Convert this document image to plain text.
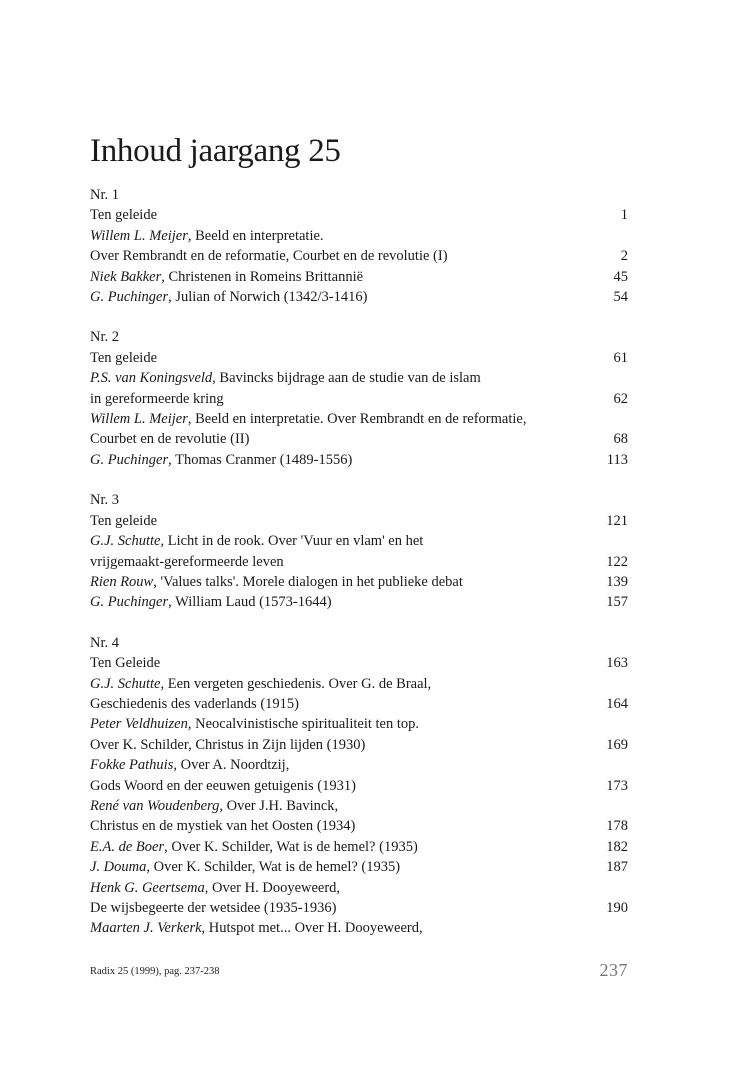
Inhoud jaargang 25
Nr. 1
Ten geleide	1
Willem L. Meijer, Beeld en interpretatie.
Over Rembrandt en de reformatie, Courbet en de revolutie (I)	2
Niek Bakker, Christenen in Romeins Brittannië	45
G. Puchinger, Julian of Norwich (1342/3-1416)	54
Nr. 2
Ten geleide	61
P.S. van Koningsveld, Bavincks bijdrage aan de studie van de islam
in gereformeerde kring	62
Willem L. Meijer, Beeld en interpretatie. Over Rembrandt en de reformatie,
Courbet en de revolutie (II)	68
G. Puchinger, Thomas Cranmer (1489-1556)	113
Nr. 3
Ten geleide	121
G.J. Schutte, Licht in de rook. Over 'Vuur en vlam' en het
vrijgemaakt-gereformeerde leven	122
Rien Rouw, 'Values talks'. Morele dialogen in het publieke debat	139
G. Puchinger, William Laud (1573-1644)	157
Nr. 4
Ten Geleide	163
G.J. Schutte, Een vergeten geschiedenis. Over G. de Braal,
Geschiedenis des vaderlands (1915)	164
Peter Veldhuizen, Neocalvinistische spiritualiteit ten top.
Over K. Schilder, Christus in Zijn lijden (1930)	169
Fokke Pathuis, Over A. Noordtzij,
Gods Woord en der eeuwen getuigenis (1931)	173
René van Woudenberg, Over J.H. Bavinck,
Christus en de mystiek van het Oosten (1934)	178
E.A. de Boer, Over K. Schilder, Wat is de hemel? (1935)	182
J. Douma, Over K. Schilder, Wat is de hemel? (1935)	187
Henk G. Geertsema, Over H. Dooyeweerd,
De wijsbegeerte der wetsidee (1935-1936)	190
Maarten J. Verkerk, Hutspot met... Over H. Dooyeweerd,
Radix 25 (1999), pag. 237-238	237
